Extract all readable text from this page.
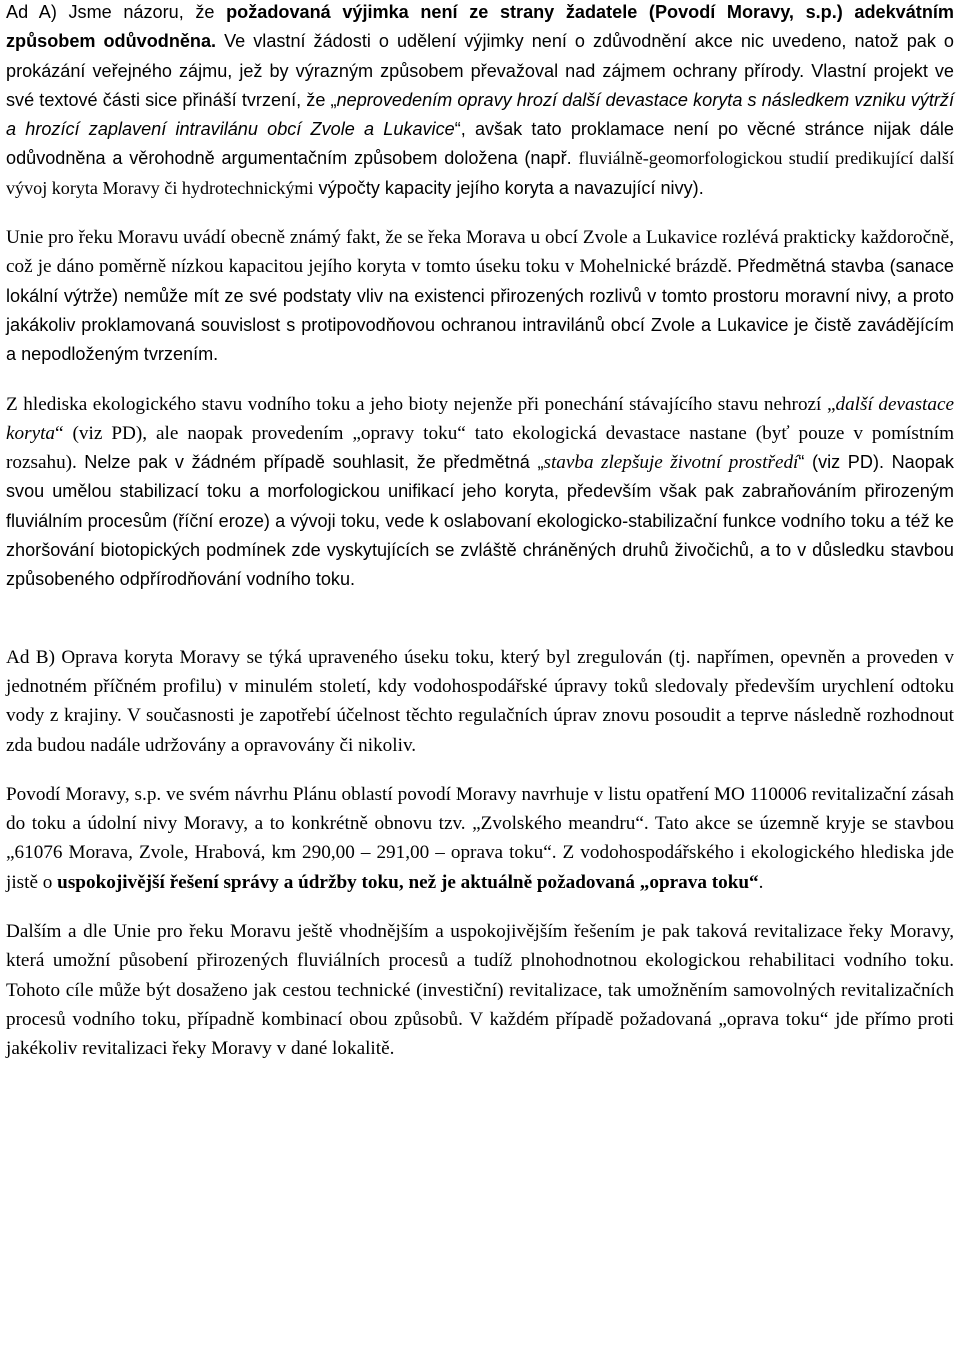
Ad A) Jsme názoru, že požadovaná výjimka není ze strany žadatele (Povodí Moravy, s.p.) adekvátním způsobem odůvodněna. Ve vlastní žádosti o udělení výjimky není o zdůvodnění akce nic uvedeno, natož pak o prokázání veřejného zájmu, jež by výrazným způsobem převažoval nad zájmem ochrany přírody. Vlastní projekt ve své textové části sice přináší tvrzení, že „neprovedením opravy hrozí další devastace koryta s následkem vzniku výtrží a hrozící zaplavení intravilánu obcí Zvole a Lukavice“, avšak tato proklamace není po věcné stránce nijak dále odůvodněna a věrohodně argumentačním způsobem doložena (např. fluviálně-geomorfologickou studií predikující další vývoj koryta Moravy či hydrotechnickými výpočty kapacity jejího koryta a navazující nivy).

Unie pro řeku Moravu uvádí obecně známý fakt, že se řeka Morava u obcí Zvole a Lukavice rozlévá prakticky každoročně, což je dáno poměrně nízkou kapacitou jejího koryta v tomto úseku toku v Mohelnické brázdě. Předmětná stavba (sanace lokální výtrže) nemůže mít ze své podstaty vliv na existenci přirozených rozlivů v tomto prostoru moravní nivy, a proto jakákoliv proklamovaná souvislost s protipovodňovou ochranou intravilánů obcí Zvole a Lukavice je čistě zavádějícím a nepodloženým tvrzením.

Z hlediska ekologického stavu vodního toku a jeho bioty nejenže při ponechání stávajícího stavu nehrozí „další devastace koryta“ (viz PD), ale naopak provedením „opravy toku“ tato ekologická devastace nastane (byť pouze v pomístním rozsahu). Nelze pak v žádném případě souhlasit, že předmětná „stavba zlepšuje životní prostředí“ (viz PD). Naopak svou umělou stabilizací toku a morfologickou unifikací jeho koryta, především však pak zabraňováním přirozeným fluviálním procesům (říční eroze) a vývoji toku, vede k oslabovaní ekologicko-stabilizační funkce vodního toku a též ke zhoršování biotopických podmínek zde vyskytujících se zvláště chráněných druhů živočichů, a to v důsledku stavbou způsobeného odpřírodňování vodního toku.

Ad B) Oprava koryta Moravy se týká upraveného úseku toku, který byl zregulován (tj. napřímen, opevněn a proveden v jednotném příčném profilu) v minulém století, kdy vodohospodářské úpravy toků sledovaly především urychlení odtoku vody z krajiny. V současnosti je zapotřebí účelnost těchto regulačních úprav znovu posoudit a teprve následně rozhodnout zda budou nadále udržovány a opravovány či nikoliv.

Povodí Moravy, s.p. ve svém návrhu Plánu oblastí povodí Moravy navrhuje v listu opatření MO 110006 revitalizační zásah do toku a údolní nivy Moravy, a to konkrétně obnovu tzv. „Zvolského meandru“. Tato akce se územně kryje se stavbou „61076 Morava, Zvole, Hrabová, km 290,00 – 291,00 – oprava toku“. Z vodohospodářského i ekologického hlediska jde jistě o uspokojivější řešení správy a údržby toku, než je aktuálně požadovaná „oprava toku“.

Dalším a dle Unie pro řeku Moravu ještě vhodnějším a uspokojivějším řešením je pak taková revitalizace řeky Moravy, která umožní působení přirozených fluviálních procesů a tudíž plnohodnotnou ekologickou rehabilitaci vodního toku. Tohoto cíle může být dosaženo jak cestou technické (investiční) revitalizace, tak umožněním samovolných revitalizačních procesů vodního toku, případně kombinací obou způsobů. V každém případě požadovaná „oprava toku“ jde přímo proti jakékoliv revitalizaci řeky Moravy v dané lokalitě.
